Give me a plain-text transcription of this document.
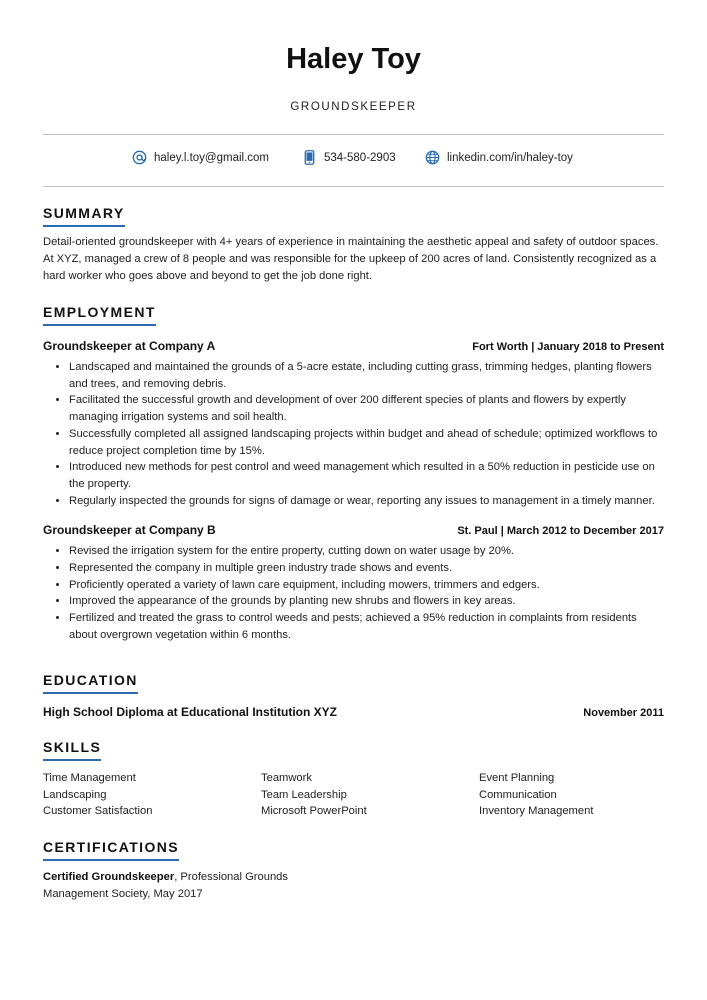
Haley Toy
GROUNDSKEEPER
haley.l.toy@gmail.com	534-580-2903	linkedin.com/in/haley-toy
SUMMARY
Detail-oriented groundskeeper with 4+ years of experience in maintaining the aesthetic appeal and safety of outdoor spaces. At XYZ, managed a crew of 8 people and was responsible for the upkeep of 200 acres of land. Consistently recognized as a hard worker who goes above and beyond to get the job done right.
EMPLOYMENT
Groundskeeper at Company A	Fort Worth | January 2018 to Present
• Landscaped and maintained the grounds of a 5-acre estate, including cutting grass, trimming hedges, planting flowers and trees, and removing debris.
• Facilitated the successful growth and development of over 200 different species of plants and flowers by expertly managing irrigation systems and soil health.
• Successfully completed all assigned landscaping projects within budget and ahead of schedule; optimized workflows to reduce project completion time by 15%.
• Introduced new methods for pest control and weed management which resulted in a 50% reduction in pesticide use on the property.
• Regularly inspected the grounds for signs of damage or wear, reporting any issues to management in a timely manner.
Groundskeeper at Company B	St. Paul | March 2012 to December 2017
• Revised the irrigation system for the entire property, cutting down on water usage by 20%.
• Represented the company in multiple green industry trade shows and events.
• Proficiently operated a variety of lawn care equipment, including mowers, trimmers and edgers.
• Improved the appearance of the grounds by planting new shrubs and flowers in key areas.
• Fertilized and treated the grass to control weeds and pests; achieved a 95% reduction in complaints from residents about overgrown vegetation within 6 months.
EDUCATION
High School Diploma at Educational Institution XYZ	November 2011
SKILLS
Time Management	Teamwork	Event Planning
Landscaping	Team Leadership	Communication
Customer Satisfaction	Microsoft PowerPoint	Inventory Management
CERTIFICATIONS
Certified Groundskeeper, Professional Grounds Management Society, May 2017
